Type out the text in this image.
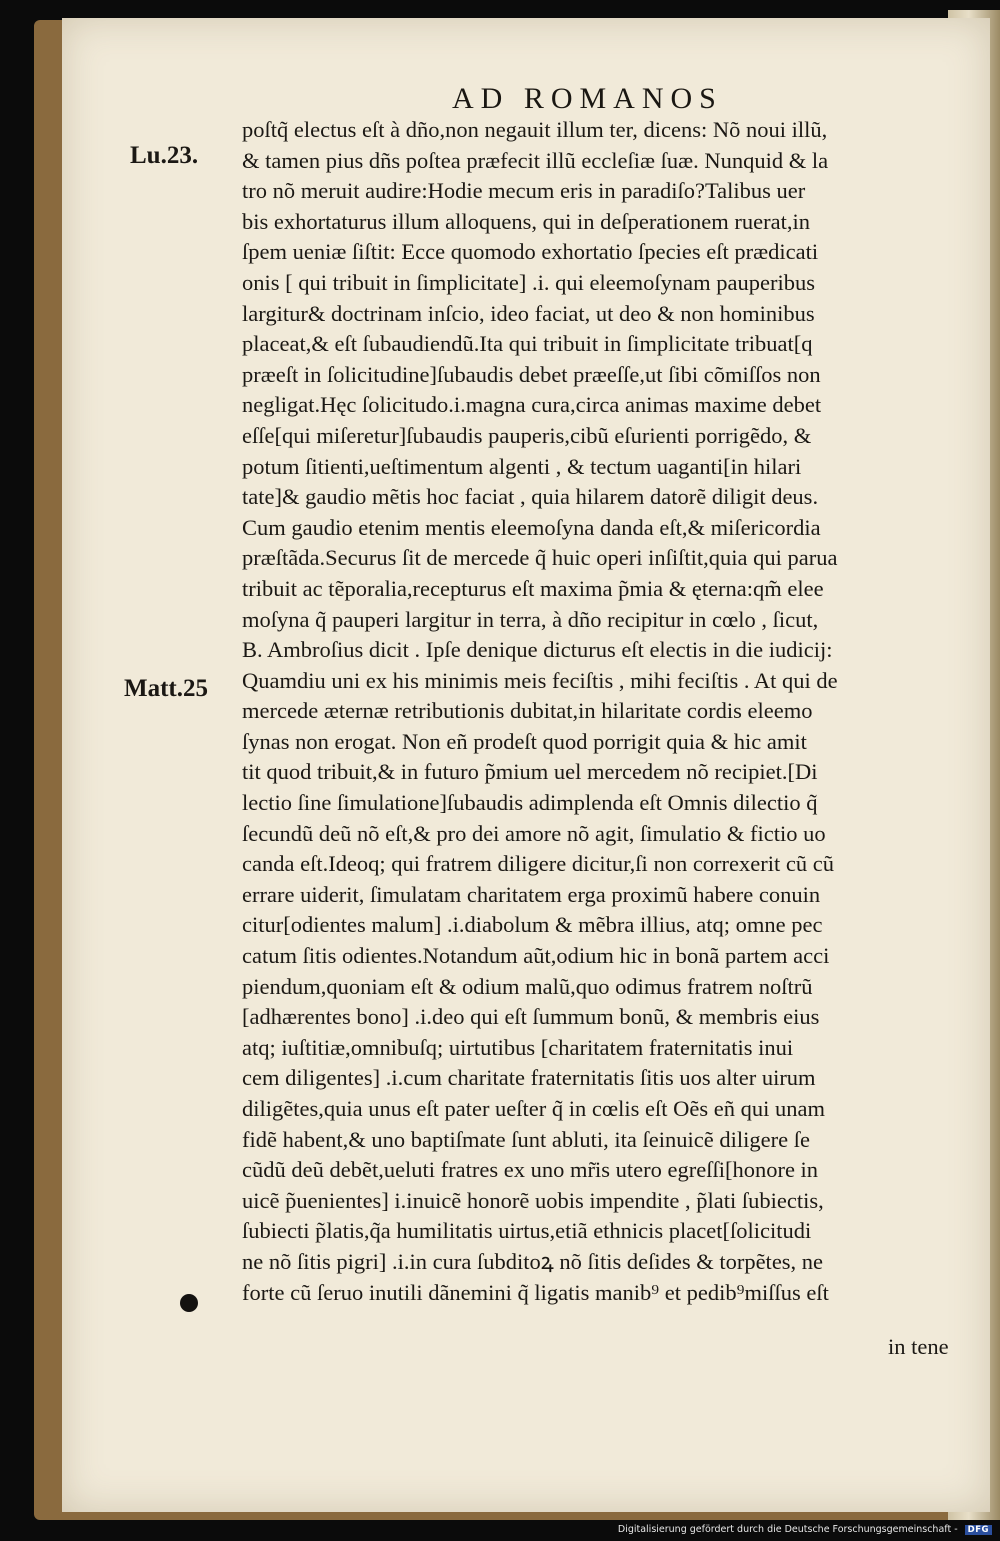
AD ROMANOS
Lu.23.
Matt.25
poſtq̃ electus eſt à dño,non negauit illum ter, dicens: Nõ noui illũ,
& tamen pius dñs poſtea præfecit illũ eccleſiæ ſuæ. Nunquid & la
tro nõ meruit audire:Hodie mecum eris in paradiſo?Talibus uer
bis exhortaturus illum alloquens, qui in deſperationem ruerat,in
ſpem ueniæ ſiſtit: Ecce quomodo exhortatio ſpecies eſt prædicati
onis [ qui tribuit in ſimplicitate] .i. qui eleemoſynam pauperibus
largitur& doctrinam inſcio, ideo faciat, ut deo & non hominibus
placeat,& eſt ſubaudiendũ.Ita qui tribuit in ſimplicitate tribuat[q
præeſt in ſolicitudine]ſubaudis debet præeſſe,ut ſibi cõmiſſos non
negligat.Hęc ſolicitudo.i.magna cura,circa animas maxime debet
eſſe[qui miſeretur]ſubaudis pauperis,cibũ eſurienti porrigẽdo, &
potum ſitienti,ueſtimentum algenti , & tectum uaganti[in hilari
tate]& gaudio mẽtis hoc faciat , quia hilarem datorẽ diligit deus.
Cum gaudio etenim mentis eleemoſyna danda eſt,& miſericordia
præſtãda.Securus ſit de mercede q̃ huic operi inſiſtit,quia qui parua
tribuit ac tẽporalia,recepturus eſt maxima p̃mia & ęterna:qm̃ elee
moſyna q̃ pauperi largitur in terra, à dño recipitur in cœlo , ſicut,
B. Ambroſius dicit . Ipſe denique dicturus eſt electis in die iudicij:
Quamdiu uni ex his minimis meis feciſtis , mihi feciſtis . At qui de
mercede æternæ retributionis dubitat,in hilaritate cordis eleemo
ſynas non erogat. Non eñ prodeſt quod porrigit quia & hic amit
tit quod tribuit,& in futuro p̃mium uel mercedem nõ recipiet.[Di
lectio ſine ſimulatione]ſubaudis adimplenda eſt Omnis dilectio q̃
ſecundũ deũ nõ eſt,& pro dei amore nõ agit, ſimulatio & fictio uo
canda eſt.Ideoq; qui fratrem diligere dicitur,ſi non correxerit cũ cũ
errare uiderit, ſimulatam charitatem erga proximũ habere conuin
citur[odientes malum] .i.diabolum & mẽbra illius, atq; omne pec
catum ſitis odientes.Notandum aũt,odium hic in bonã partem acci
piendum,quoniam eſt & odium malũ,quo odimus fratrem noſtrũ
[adhærentes bono] .i.deo qui eſt ſummum bonũ, & membris eius
atq; iuſtitiæ,omnibuſq; uirtutibus [charitatem fraternitatis inui
cem diligentes] .i.cum charitate fraternitatis ſitis uos alter uirum
diligẽtes,quia unus eſt pater ueſter q̃ in cœlis eſt Oẽs eñ qui unam
fidẽ habent,& uno baptiſmate ſunt abluti, ita ſeinuicẽ diligere ſe
cũdũ deũ debẽt,ueluti fratres ex uno mr̃is utero egreſſi[honore in
uicẽ p̃uenientes] i.inuicẽ honorẽ uobis impendite , p̃lati ſubiectis,
ſubiecti p̃latis,q̃a humilitatis uirtus,etiã ethnicis placet[ſolicitudi
ne nõ ſitis pigri] .i.in cura ſubditoꝝ nõ ſitis deſides & torpẽtes, ne
forte cũ ſeruo inutili dãnemini q̃ ligatis manib⁹ et pedib⁹miſſus eſt
in tene
Digitalisierung gefördert durch die Deutsche Forschungsgemeinschaft - DFG
